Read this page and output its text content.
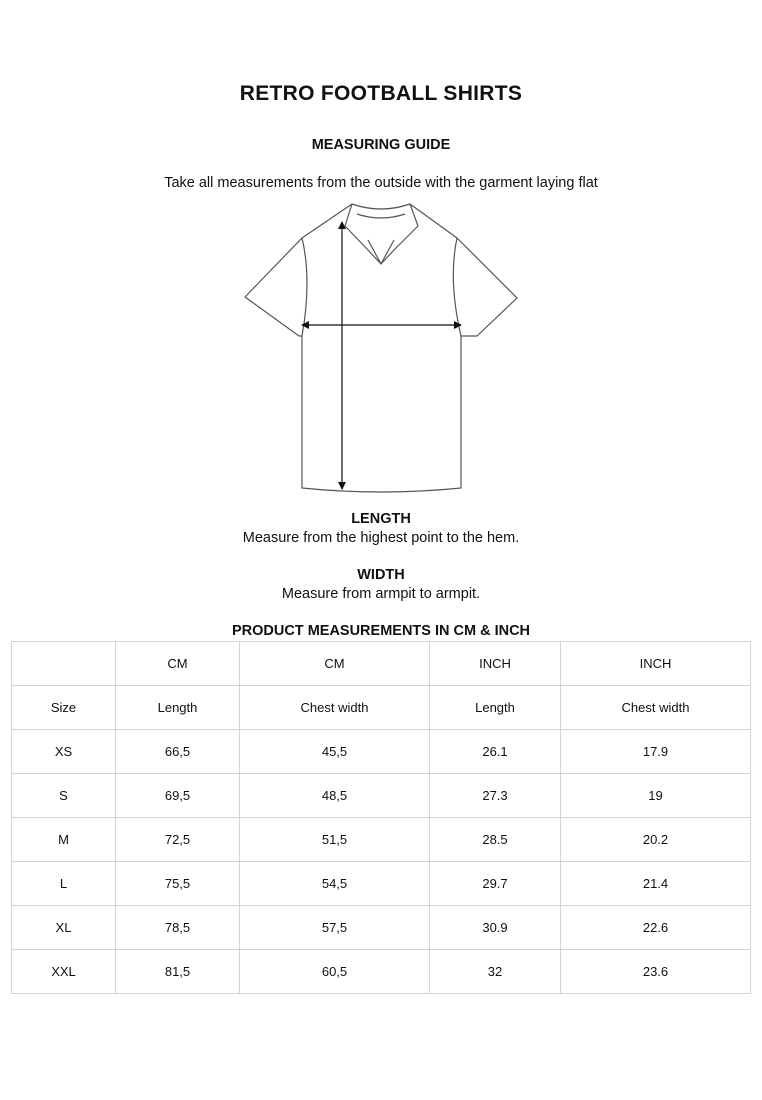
RETRO FOOTBALL SHIRTS
MEASURING GUIDE
Take all measurements from the outside with the garment laying flat
LENGTH
Measure from the highest point to the hem.
WIDTH
Measure from armpit to armpit.
PRODUCT MEASUREMENTS IN CM & INCH
	CM	CM	INCH	INCH
Size	Length	Chest width	Length	Chest width
XS	66,5	45,5	26.1	17.9
S	69,5	48,5	27.3	19
M	72,5	51,5	28.5	20.2
L	75,5	54,5	29.7	21.4
XL	78,5	57,5	30.9	22.6
XXL	81,5	60,5	32	23.6
